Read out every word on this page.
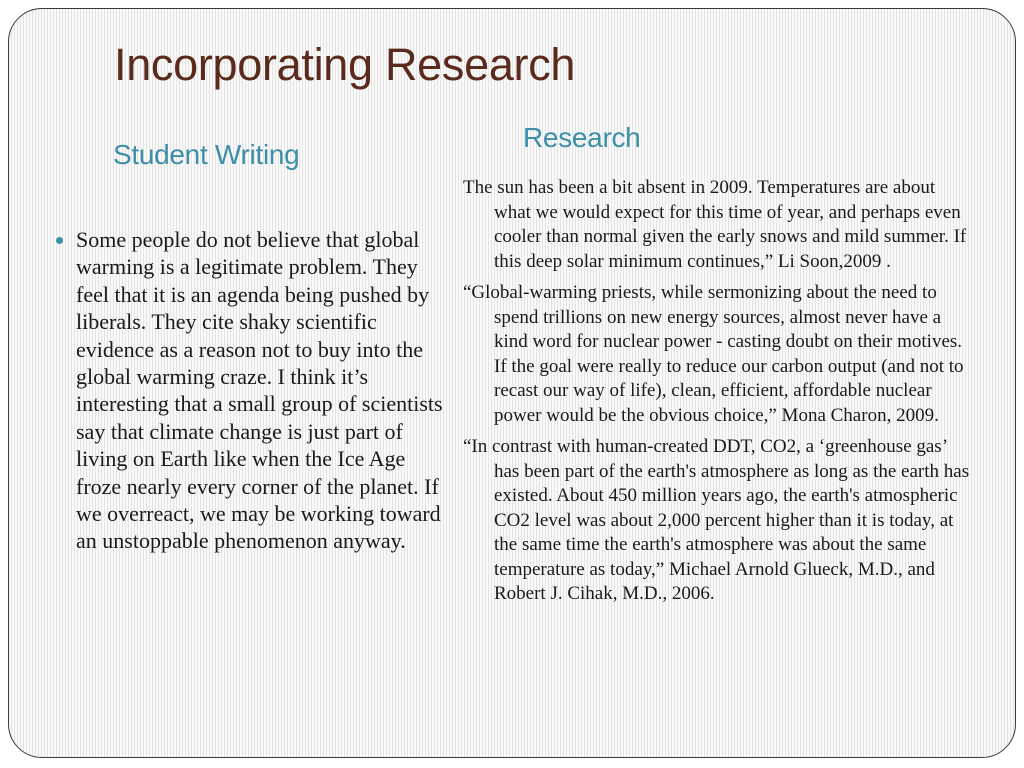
Incorporating Research
Student Writing
Research
Some people do not believe that global warming is a legitimate problem. They feel that it is an agenda being pushed by liberals. They cite shaky scientific evidence as a reason not to buy into the global warming craze. I think it’s interesting that a small group of scientists say that climate change is just part of living on Earth like when the Ice Age froze nearly every corner of the planet. If we overreact, we may be working toward an unstoppable phenomenon anyway.
The sun has been a bit absent in 2009. Temperatures are about what we would expect for this time of year, and perhaps even cooler than normal given the early snows and mild summer. If this deep solar minimum continues,” Li Soon,2009 .
“Global-warming priests, while sermonizing about the need to spend trillions on new energy sources, almost never have a kind word for nuclear power - casting doubt on their motives. If the goal were really to reduce our carbon output (and not to recast our way of life), clean, efficient, affordable nuclear power would be the obvious choice,” Mona Charon, 2009.
“In contrast with human-created DDT, CO2, a ‘greenhouse gas’ has been part of the earth's atmosphere as long as the earth has existed. About 450 million years ago, the earth's atmospheric CO2 level was about 2,000 percent higher than it is today, at the same time the earth's atmosphere was about the same temperature as today,” Michael Arnold Glueck, M.D., and Robert J. Cihak, M.D., 2006.
